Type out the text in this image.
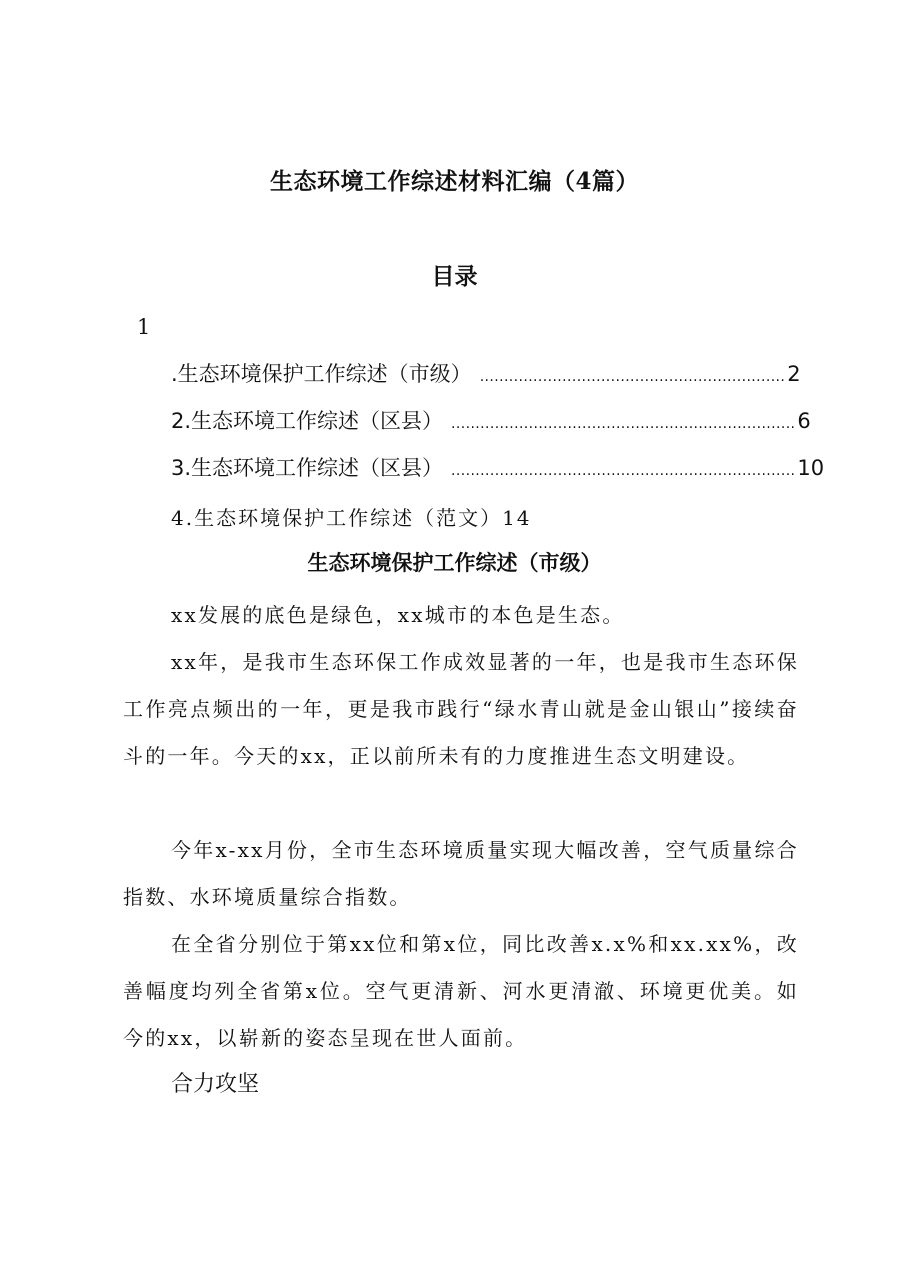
生态环境工作综述材料汇编（4篇）
目录
1
.生态环境保护工作综述（市级） ............................................................... 2
2.生态环境工作综述（区县） ....................................................................... 6
3.生态环境工作综述（区县） ....................................................................... 10
4.生态环境保护工作综述（范文）14
生态环境保护工作综述（市级）

xx发展的底色是绿色，xx城市的本色是生态。

xx年，是我市生态环保工作成效显著的一年，也是我市生态环保工作亮点频出的一年，更是我市践行“绿水青山就是金山银山”接续奋斗的一年。今天的xx，正以前所未有的力度推进生态文明建设。

今年x-xx月份，全市生态环境质量实现大幅改善，空气质量综合指数、水环境质量综合指数。

在全省分别位于第xx位和第x位，同比改善x.x%和xx.xx%，改善幅度均列全省第x位。空气更清新、河水更清澈、环境更优美。如今的xx，以崭新的姿态呈现在世人面前。

合力攻坚
